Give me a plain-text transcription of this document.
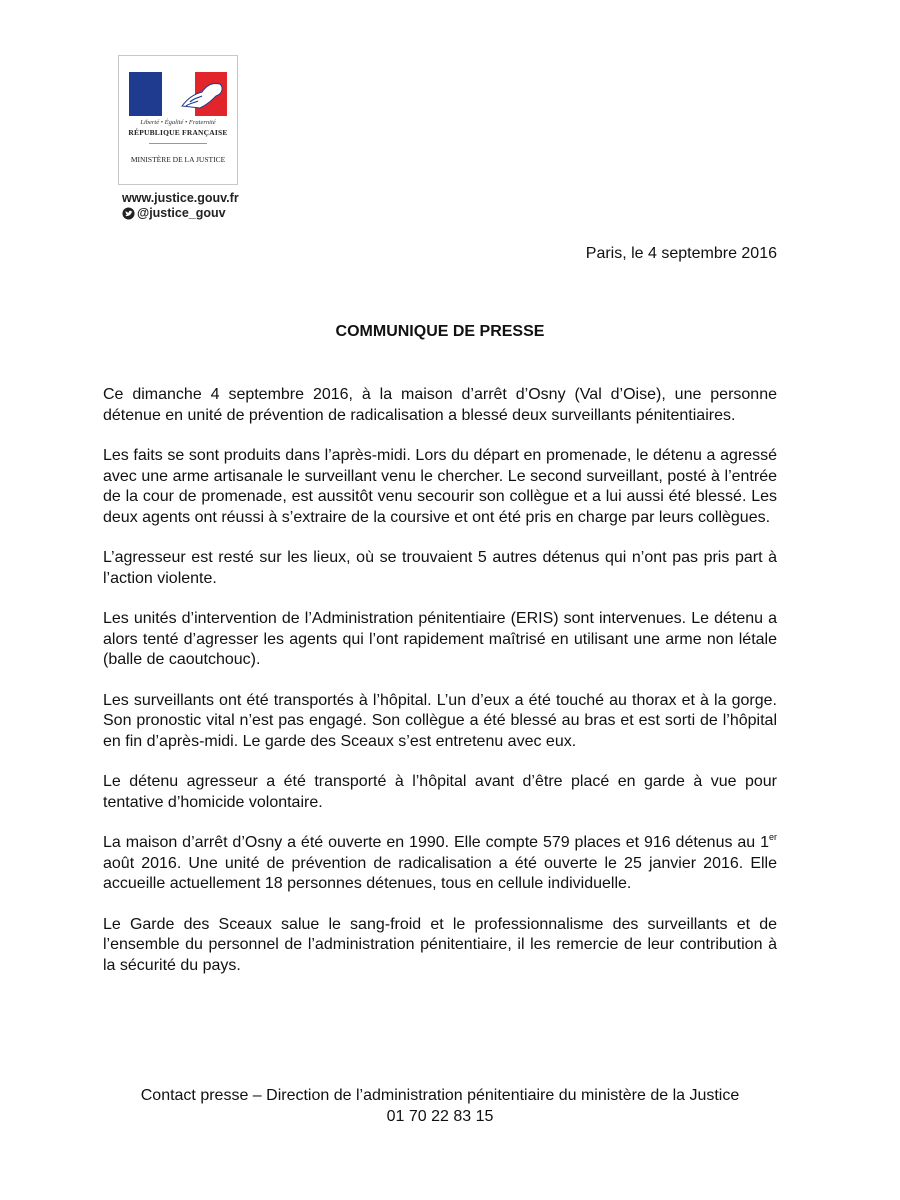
Liberté • Égalité • Fraternité
RÉPUBLIQUE FRANÇAISE
MINISTÈRE DE LA JUSTICE
www.justice.gouv.fr
@justice_gouv
Paris, le 4 septembre 2016
COMMUNIQUE DE PRESSE

Ce dimanche 4 septembre 2016, à la maison d’arrêt d’Osny (Val d’Oise), une personne détenue en unité de prévention de radicalisation a blessé deux surveillants pénitentiaires.

Les faits se sont produits dans l’après-midi. Lors du départ en promenade, le détenu a agressé avec une arme artisanale le surveillant venu le chercher. Le second surveillant, posté à l’entrée de la cour de promenade, est aussitôt venu secourir son collègue et a lui aussi été blessé. Les deux agents ont réussi à s’extraire de la coursive et ont été pris en charge par leurs collègues.

L’agresseur est resté sur les lieux, où se trouvaient 5 autres détenus qui n’ont pas pris part à l’action violente.

Les unités d’intervention de l’Administration pénitentiaire (ERIS) sont intervenues. Le détenu a alors tenté d’agresser les agents qui l’ont rapidement maîtrisé en utilisant une arme non létale (balle de caoutchouc).

Les surveillants ont été transportés à l’hôpital. L’un d’eux a été touché au thorax et à la gorge. Son pronostic vital n’est pas engagé. Son collègue a été blessé au bras et est sorti de l’hôpital en fin d’après-midi. Le garde des Sceaux s’est entretenu avec eux.

Le détenu agresseur a été transporté à l’hôpital avant d’être placé en garde à vue pour tentative d’homicide volontaire.

La maison d’arrêt d’Osny a été ouverte en 1990. Elle compte 579 places et 916 détenus au 1er août 2016. Une unité de prévention de radicalisation a été ouverte le 25 janvier 2016. Elle accueille actuellement 18 personnes détenues, tous en cellule individuelle.

Le Garde des Sceaux salue le sang-froid et le professionnalisme des surveillants et de l’ensemble du personnel de l’administration pénitentiaire, il les remercie de leur contribution à la sécurité du pays.

Contact presse – Direction de l’administration pénitentiaire du ministère de la Justice
01 70 22 83 15
